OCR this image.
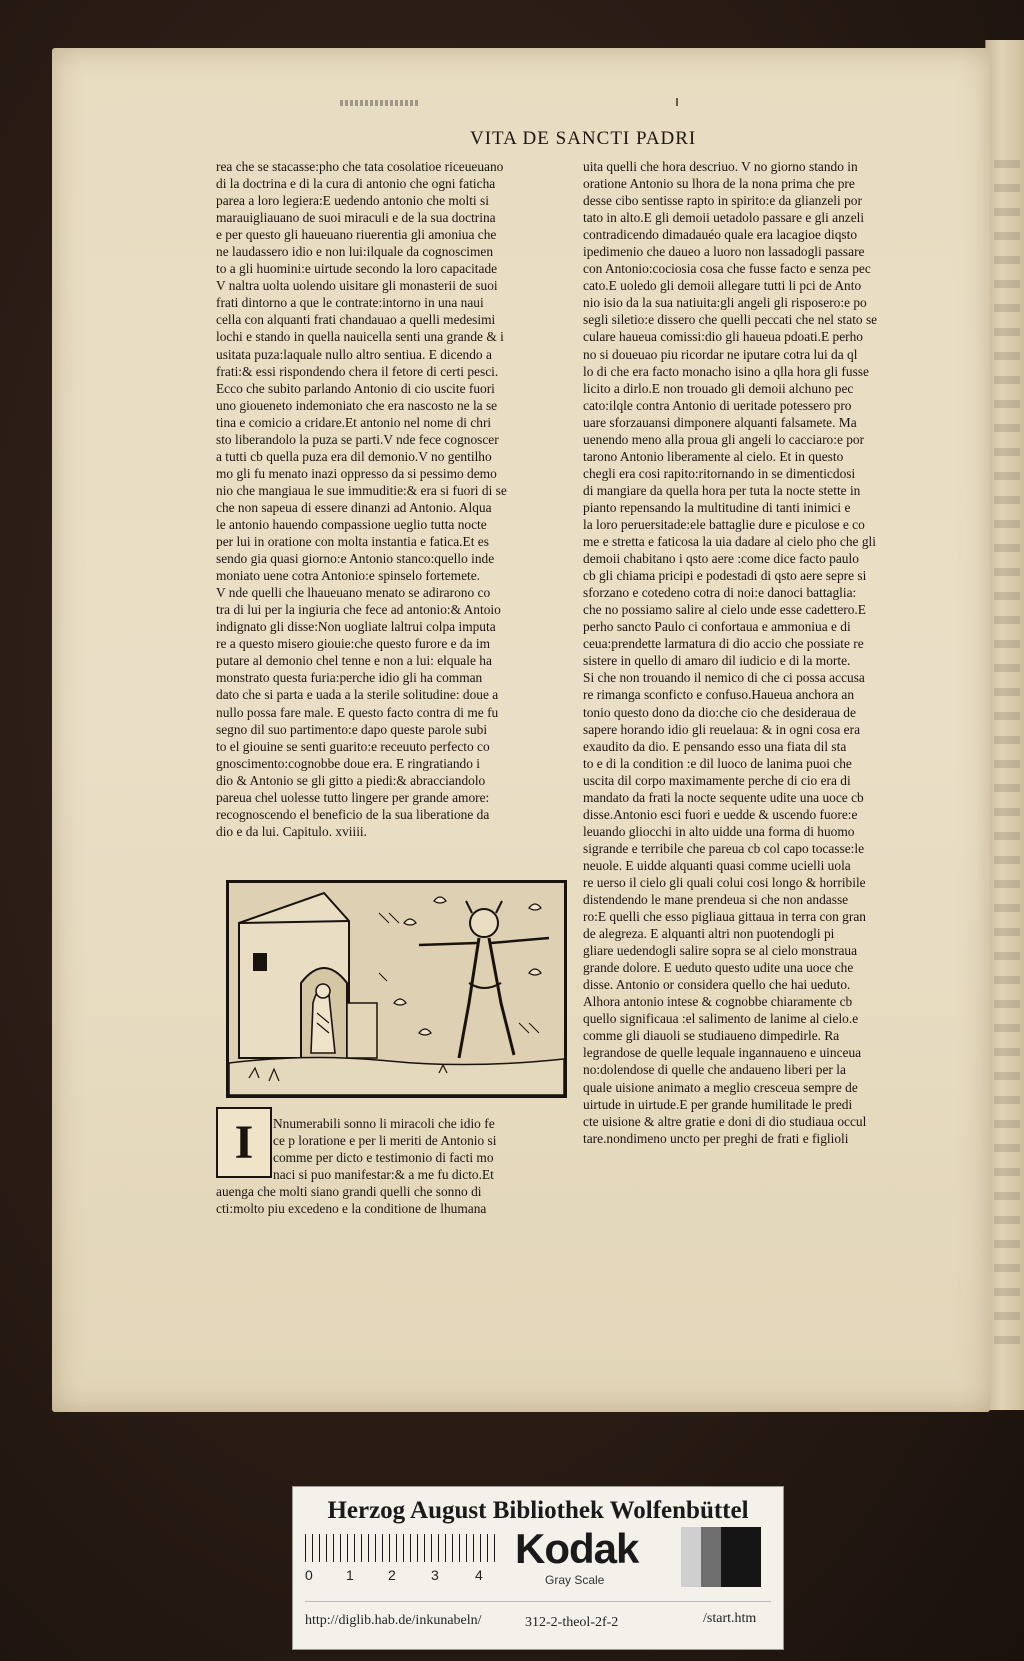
VITA DE SANCTI PADRI
rea che se stacasse:pho che tata cosolatioe riceueuano
di la doctrina e di la cura di antonio che ogni faticha
parea a loro legiera:E uedendo antonio che molti si
marauigliauano de suoi miraculi e de la sua doctrina
e per questo gli haueuano riuerentia gli amoniua che
ne laudassero idio e non lui:ilquale da cognoscimen
to a gli huomini:e uirtude secondo la loro capacitade
V naltra uolta uolendo uisitare gli monasterii de suoi
frati dintorno a que le contrate:intorno in una naui
cella con alquanti frati chandauao a quelli medesimi
lochi e stando in quella nauicella senti una grande & i
usitata puza:laquale nullo altro sentiua. E dicendo a
frati:& essi rispondendo chera il fetore di certi pesci.
Ecco che subito parlando Antonio di cio uscite fuori
uno gioueneto indemoniato che era nascosto ne la se
tina e comicio a cridare.Et antonio nel nome di chri
sto liberandolo la puza se parti.V nde fece cognoscer
a tutti cb quella puza era dil demonio.V no gentilho
mo gli fu menato inazi oppresso da si pessimo demo
nio che mangiaua le sue immuditie:& era si fuori di se
che non sapeua di essere dinanzi ad Antonio. Alqua
le antonio hauendo compassione ueglio tutta nocte
per lui in oratione con molta instantia e fatica.Et es
sendo gia quasi giorno:e Antonio stanco:quello inde
moniato uene cotra Antonio:e spinselo fortemete.
V nde quelli che lhaueuano menato se adirarono co
tra di lui per la ingiuria che fece ad antonio:& Antoio
indignato gli disse:Non uogliate laltrui colpa imputa
re a questo misero giouie:che questo furore e da im
putare al demonio chel tenne e non a lui: elquale ha
monstrato questa furia:perche idio gli ha comman
dato che si parta e uada a la sterile solitudine: doue a
nullo possa fare male. E questo facto contra di me fu
segno dil suo partimento:e dapo queste parole subi
to el giouine se senti guarito:e receuuto perfecto co
gnoscimento:cognobbe doue era. E ringratiando i
dio & Antonio se gli gitto a piedi:& abracciandolo
pareua chel uolesse tutto lingere per grande amore:
recognoscendo el beneficio de la sua liberatione da
dio e da lui. Capitulo. xviiii.
I	Nnumerabili sonno li miracoli che idio fe
ce p loratione e per li meriti de Antonio si
comme per dicto e testimonio di facti mo
naci si puo manifestar:& a me fu dicto.Et
auenga che molti siano grandi quelli che sonno di
cti:molto piu excedeno e la conditione de lhumana
uita quelli che hora descriuo. V no giorno stando in
oratione Antonio su lhora de la nona prima che pre
desse cibo sentisse rapto in spirito:e da glianzeli por
tato in alto.E gli demoii uetadolo passare e gli anzeli
contradicendo dimadauéo quale era lacagioe diqsto
ipedimenio che daueo a luoro non lassadogli passare
con Antonio:cociosia cosa che fusse facto e senza pec
cato.E uoledo gli demoii allegare tutti li pci de Anto
nio isio da la sua natiuita:gli angeli gli risposero:e po
segli siletio:e dissero che quelli peccati che nel stato se
culare haueua comissi:dio gli haueua pdoati.E perho
no si doueuao piu ricordar ne iputare cotra lui da ql
lo di che era facto monacho isino a qlla hora gli fusse
licito a dirlo.E non trouado gli demoii alchuno pec
cato:ilqle contra Antonio di ueritade potessero pro
uare sforzauansi dimponere alquanti falsamete. Ma
uenendo meno alla proua gli angeli lo cacciaro:e por
tarono Antonio liberamente al cielo. Et in questo
chegli era cosi rapito:ritornando in se dimenticdosi
di mangiare da quella hora per tuta la nocte stette in
pianto repensando la multitudine di tanti inimici e
la loro peruersitade:ele battaglie dure e piculose e co
me e stretta e faticosa la uia dadare al cielo pho che gli
demoii chabitano i qsto aere :come dice facto paulo
cb gli chiama pricipi e podestadi di qsto aere sepre si
sforzano e cotedeno cotra di noi:e danoci battaglia:
che no possiamo salire al cielo unde esse cadettero.E
perho sancto Paulo ci confortaua e ammoniua e di
ceua:prendette larmatura di dio accio che possiate re
sistere in quello di amaro dil iudicio e di la morte.
Si che non trouando il nemico di che ci possa accusa
re rimanga sconficto e confuso.Haueua anchora an
tonio questo dono da dio:che cio che desideraua de
sapere horando idio gli reuelaua: & in ogni cosa era
exaudito da dio. E pensando esso una fiata dil sta
to e di la condition :e dil luoco de lanima puoi che
uscita dil corpo maximamente perche di cio era di
mandato da frati la nocte sequente udite una uoce cb
disse.Antonio esci fuori e uedde & uscendo fuore:e
leuando gliocchi in alto uidde una forma di huomo
sigrande e terribile che pareua cb col capo tocasse:le
neuole. E uidde alquanti quasi comme ucielli uola
re uerso il cielo gli quali colui cosi longo & horribile
distendendo le mane prendeua si che non andasse
ro:E quelli che esso pigliaua gittaua in terra con gran
de alegreza. E alquanti altri non puotendogli pi
gliare uedendogli salire sopra se al cielo monstraua
grande dolore. E ueduto questo udite una uoce che
disse. Antonio or considera quello che hai ueduto.
Alhora antonio intese & cognobbe chiaramente cb
quello significaua :el salimento de lanime al cielo.e
comme gli diauoli se studiaueno dimpedirle. Ra
legrandose de quelle lequale ingannaueno e uinceua
no:dolendose di quelle che andaueno liberi per la
quale uisione animato a meglio cresceua sempre de
uirtude in uirtude.E per grande humilitade le predi
cte uisione & altre gratie e doni di dio studiaua occul
tare.nondimeno uncto per preghi de frati e figlioli
Herzog August Bibliothek Wolfenbüttel
0 1 2	3	4
Kodak
Gray Scale
http://diglib.hab.de/inkunabeln/	312-2-theol-2f-2	/start.htm
